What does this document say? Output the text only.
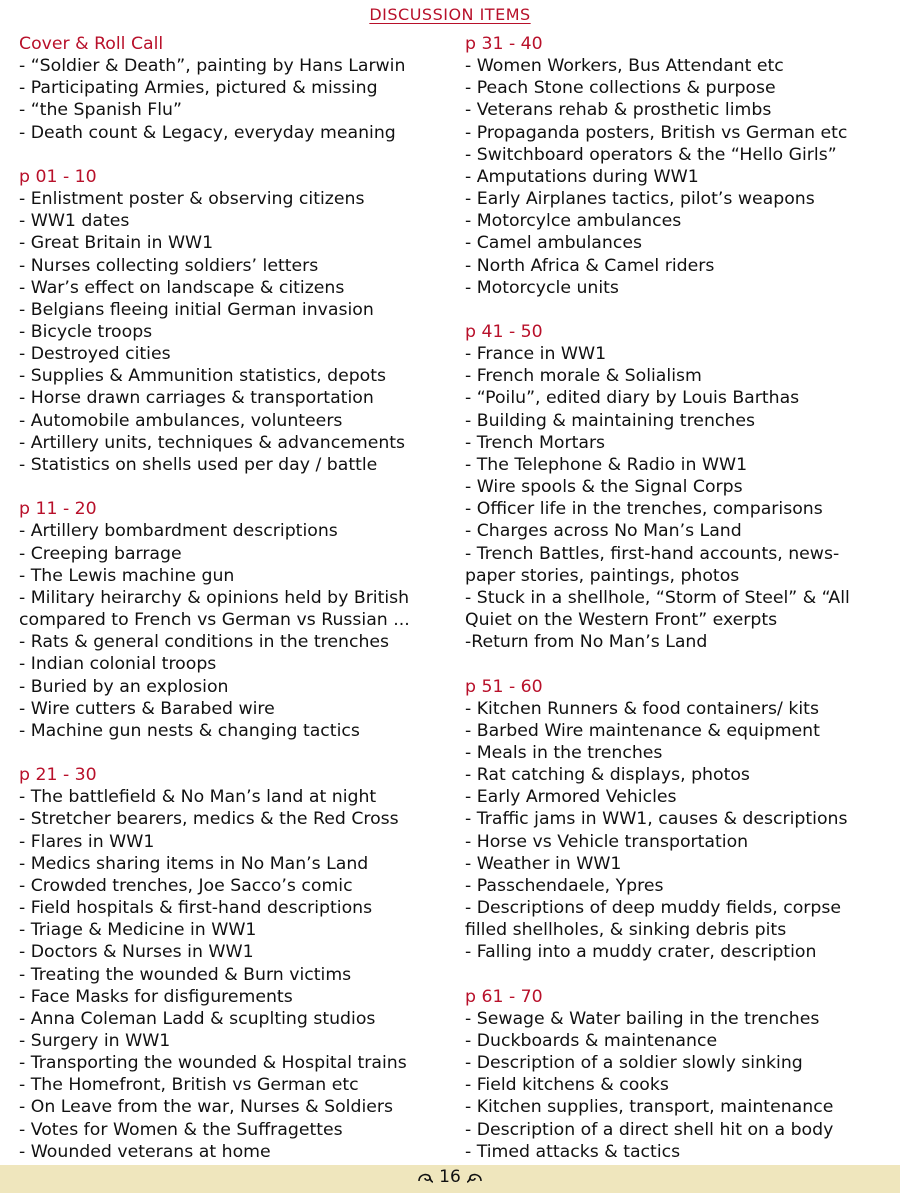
DISCUSSION ITEMS
Cover & Roll Call
- “Soldier & Death”, painting by Hans Larwin
- Participating Armies, pictured & missing
- “the Spanish Flu”
- Death count & Legacy, everyday meaning
p 01 - 10
- Enlistment poster & observing citizens
- WW1 dates
- Great Britain in WW1
- Nurses collecting soldiers’ letters
- War’s effect on landscape & citizens
- Belgians fleeing initial German invasion
- Bicycle troops
- Destroyed cities
- Supplies & Ammunition statistics, depots
- Horse drawn carriages & transportation
- Automobile ambulances, volunteers
- Artillery units, techniques & advancements
- Statistics on shells used per day / battle
p 11 - 20
- Artillery bombardment descriptions
- Creeping barrage
- The Lewis machine gun
- Military heirarchy & opinions held by British compared to French vs German vs Russian ...
- Rats & general conditions in the trenches
- Indian colonial troops
- Buried by an explosion
- Wire cutters & Barabed wire
- Machine gun nests & changing tactics
p 21 - 30
- The battlefield & No Man’s land at night
- Stretcher bearers, medics & the Red Cross
- Flares in WW1
- Medics sharing items in No Man’s Land
- Crowded trenches, Joe Sacco’s comic
- Field hospitals & first-hand descriptions
- Triage & Medicine in WW1
- Doctors & Nurses in WW1
- Treating the wounded & Burn victims
- Face Masks for disfigurements
- Anna Coleman Ladd & scuplting studios
- Surgery in WW1
- Transporting the wounded & Hospital trains
- The Homefront, British vs German etc
- On Leave from the war, Nurses & Soldiers
- Votes for Women & the Suffragettes
- Wounded veterans at home
p 31 - 40
- Women Workers, Bus Attendant etc
- Peach Stone collections & purpose
- Veterans rehab & prosthetic limbs
- Propaganda posters, British vs German etc
- Switchboard operators & the “Hello Girls”
- Amputations during WW1
- Early Airplanes tactics, pilot’s weapons
- Motorcylce ambulances
- Camel ambulances
- North Africa & Camel riders
- Motorcycle units
p 41 - 50
- France in WW1
- French morale & Solialism
- “Poilu”, edited diary by Louis Barthas
- Building & maintaining trenches
- Trench Mortars
- The Telephone & Radio in WW1
- Wire spools & the Signal Corps
- Officer life in the trenches, comparisons
- Charges across No Man’s Land
- Trench Battles, first-hand accounts, news-paper stories, paintings, photos
- Stuck in a shellhole, “Storm of Steel” & “All Quiet on the Western Front” exerpts
-Return from No Man’s Land
p 51 - 60
- Kitchen Runners & food containers/ kits
- Barbed Wire maintenance & equipment
- Meals in the trenches
- Rat catching & displays, photos
- Early Armored Vehicles
- Traffic jams in WW1, causes & descriptions
- Horse vs Vehicle transportation
- Weather in WW1
- Passchendaele, Ypres
- Descriptions of deep muddy fields, corpse filled shellholes, & sinking debris pits
- Falling into a muddy crater, description
p 61 - 70
- Sewage & Water bailing in the trenches
- Duckboards & maintenance
- Description of a soldier slowly sinking
- Field kitchens & cooks
- Kitchen supplies, transport, maintenance
- Description of a direct shell hit on a body
- Timed attacks & tactics
16
